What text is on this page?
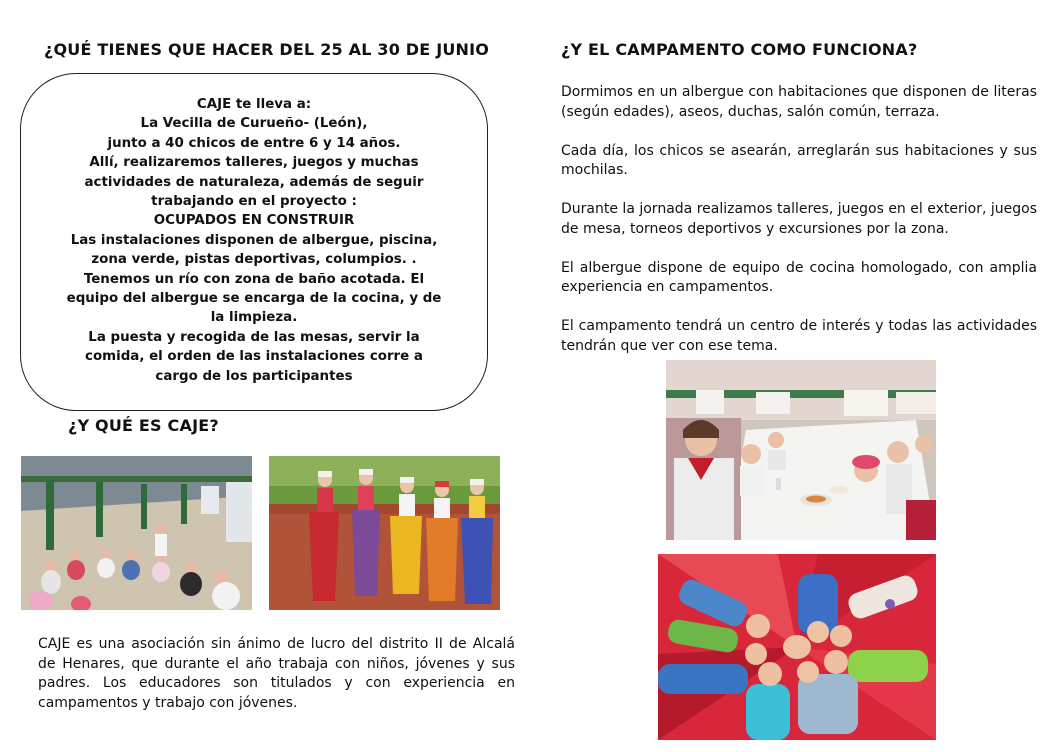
¿QUÉ TIENES QUE HACER DEL 25 AL 30 DE JUNIO
CAJE te lleva a:
La Vecilla de Curueño- (León),
junto a 40 chicos de entre 6 y 14 años.
Allí, realizaremos talleres, juegos y muchas
actividades de naturaleza, además de seguir
trabajando en el proyecto :
OCUPADOS EN CONSTRUIR
Las instalaciones disponen de albergue, piscina,
zona verde, pistas deportivas, columpios. .
Tenemos un río con zona de baño acotada. El
equipo del albergue se encarga de la cocina, y de
la limpieza.
La puesta y recogida de las mesas, servir la
comida, el orden de las instalaciones corre a
cargo de los participantes
¿Y QUÉ ES CAJE?

CAJE es una asociación sin ánimo de lucro del distrito II de Alcalá de Henares, que durante el año trabaja con niños, jóvenes y sus padres. Los educadores son titulados y con experiencia en campamentos y trabajo con jóvenes.

¿Y EL CAMPAMENTO COMO FUNCIONA?

Dormimos en un albergue con habitaciones que disponen de literas (según edades), aseos, duchas, salón común, terraza.

Cada día, los chicos se asearán, arreglarán sus habitaciones y sus mochilas.

Durante la jornada realizamos talleres, juegos en el exterior, juegos de mesa, torneos deportivos y excursiones por la zona.

El albergue dispone de equipo de cocina homologado, con amplia experiencia en campamentos.

El campamento tendrá un centro de interés y todas las actividades tendrán que ver con ese tema.
